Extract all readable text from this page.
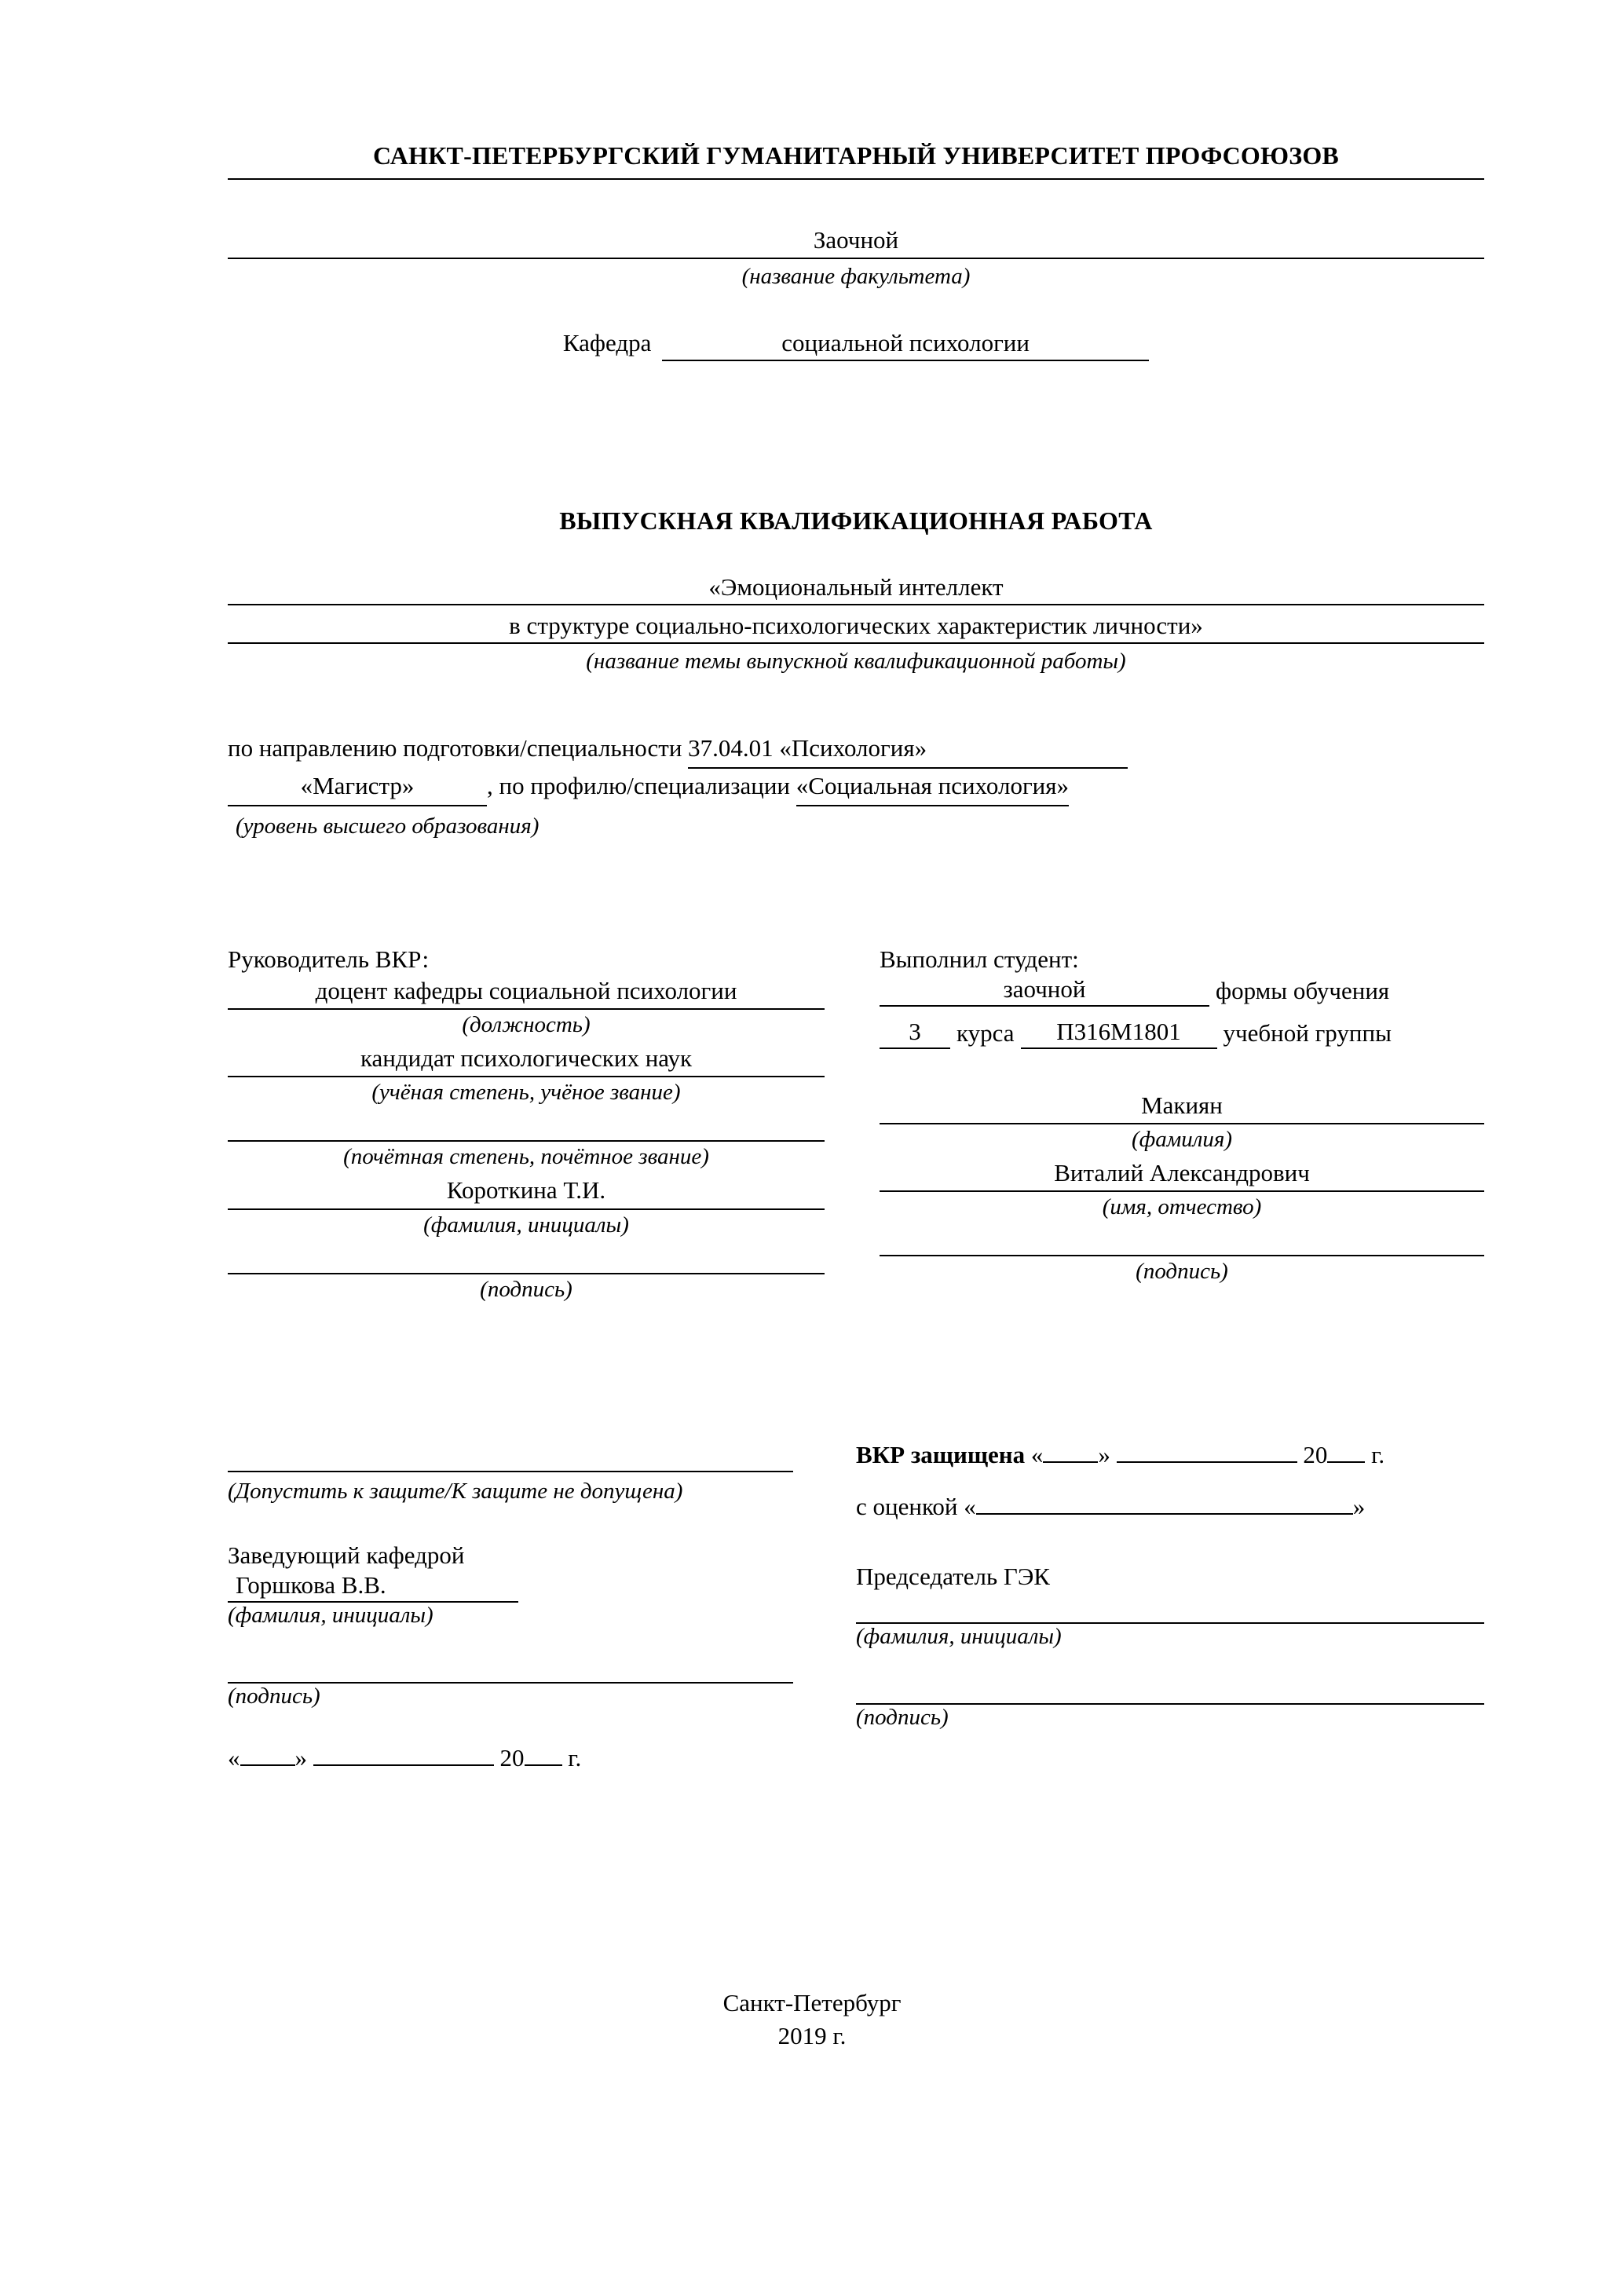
САНКТ-ПЕТЕРБУРГСКИЙ ГУМАНИТАРНЫЙ УНИВЕРСИТЕТ ПРОФСОЮЗОВ
Заочной
(название факультета)
Кафедра	социальной психологии
ВЫПУСКНАЯ КВАЛИФИКАЦИОННАЯ РАБОТА
«Эмоциональный интеллект
в структуре социально-психологических характеристик личности»
(название темы выпускной квалификационной работы)
по направлению подготовки/специальности 37.04.01 «Психология»
«Магистр»	, по профилю/специализации «Социальная психология»
(уровень высшего образования)
Руководитель ВКР:
доцент кафедры социальной психологии
(должность)
кандидат психологических наук
(учёная степень, учёное звание)
(почётная степень, почётное звание)
Короткина Т.И.
(фамилия, инициалы)
(подпись)
Выполнил студент:
заочной	формы обучения
3	курса	П316М1801	учебной группы
Макиян
(фамилия)
Виталий Александрович
(имя, отчество)
(подпись)
(Допустить к защите/К защите не допущена)
Заведующий кафедрой
Горшкова В.В.
(фамилия, инициалы)
(подпись)
« »	20 г.
ВКР защищена « »	20 г.
с оценкой «	»
Председатель ГЭК
(фамилия, инициалы)
(подпись)
Санкт-Петербург
2019 г.
